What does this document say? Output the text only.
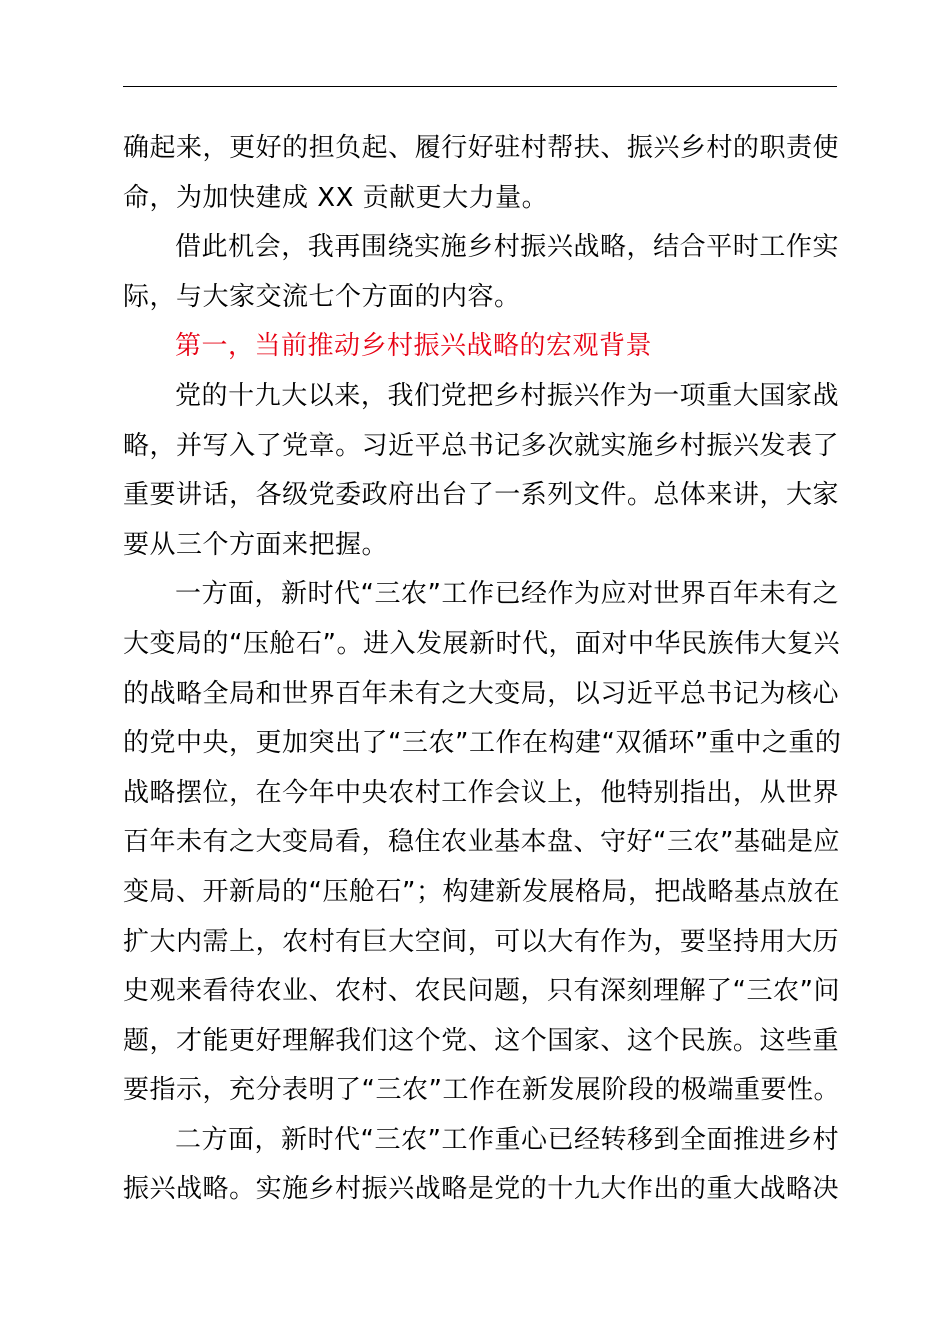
确起来，更好的担负起、履行好驻村帮扶、振兴乡村的职责使
命，为加快建成 XX 贡献更大力量。
借此机会，我再围绕实施乡村振兴战略，结合平时工作实
际，与大家交流七个方面的内容。
第一，当前推动乡村振兴战略的宏观背景
党的十九大以来，我们党把乡村振兴作为一项重大国家战
略，并写入了党章。习近平总书记多次就实施乡村振兴发表了
重要讲话，各级党委政府出台了一系列文件。总体来讲，大家
要从三个方面来把握。
一方面，新时代“三农”工作已经作为应对世界百年未有之
大变局的“压舱石”。进入发展新时代，面对中华民族伟大复兴
的战略全局和世界百年未有之大变局，以习近平总书记为核心
的党中央，更加突出了“三农”工作在构建“双循环”重中之重的
战略摆位，在今年中央农村工作会议上，他特别指出，从世界
百年未有之大变局看，稳住农业基本盘、守好“三农”基础是应
变局、开新局的“压舱石”；构建新发展格局，把战略基点放在
扩大内需上，农村有巨大空间，可以大有作为，要坚持用大历
史观来看待农业、农村、农民问题，只有深刻理解了“三农”问
题，才能更好理解我们这个党、这个国家、这个民族。这些重
要指示，充分表明了“三农”工作在新发展阶段的极端重要性。
二方面，新时代“三农”工作重心已经转移到全面推进乡村
振兴战略。实施乡村振兴战略是党的十九大作出的重大战略决
